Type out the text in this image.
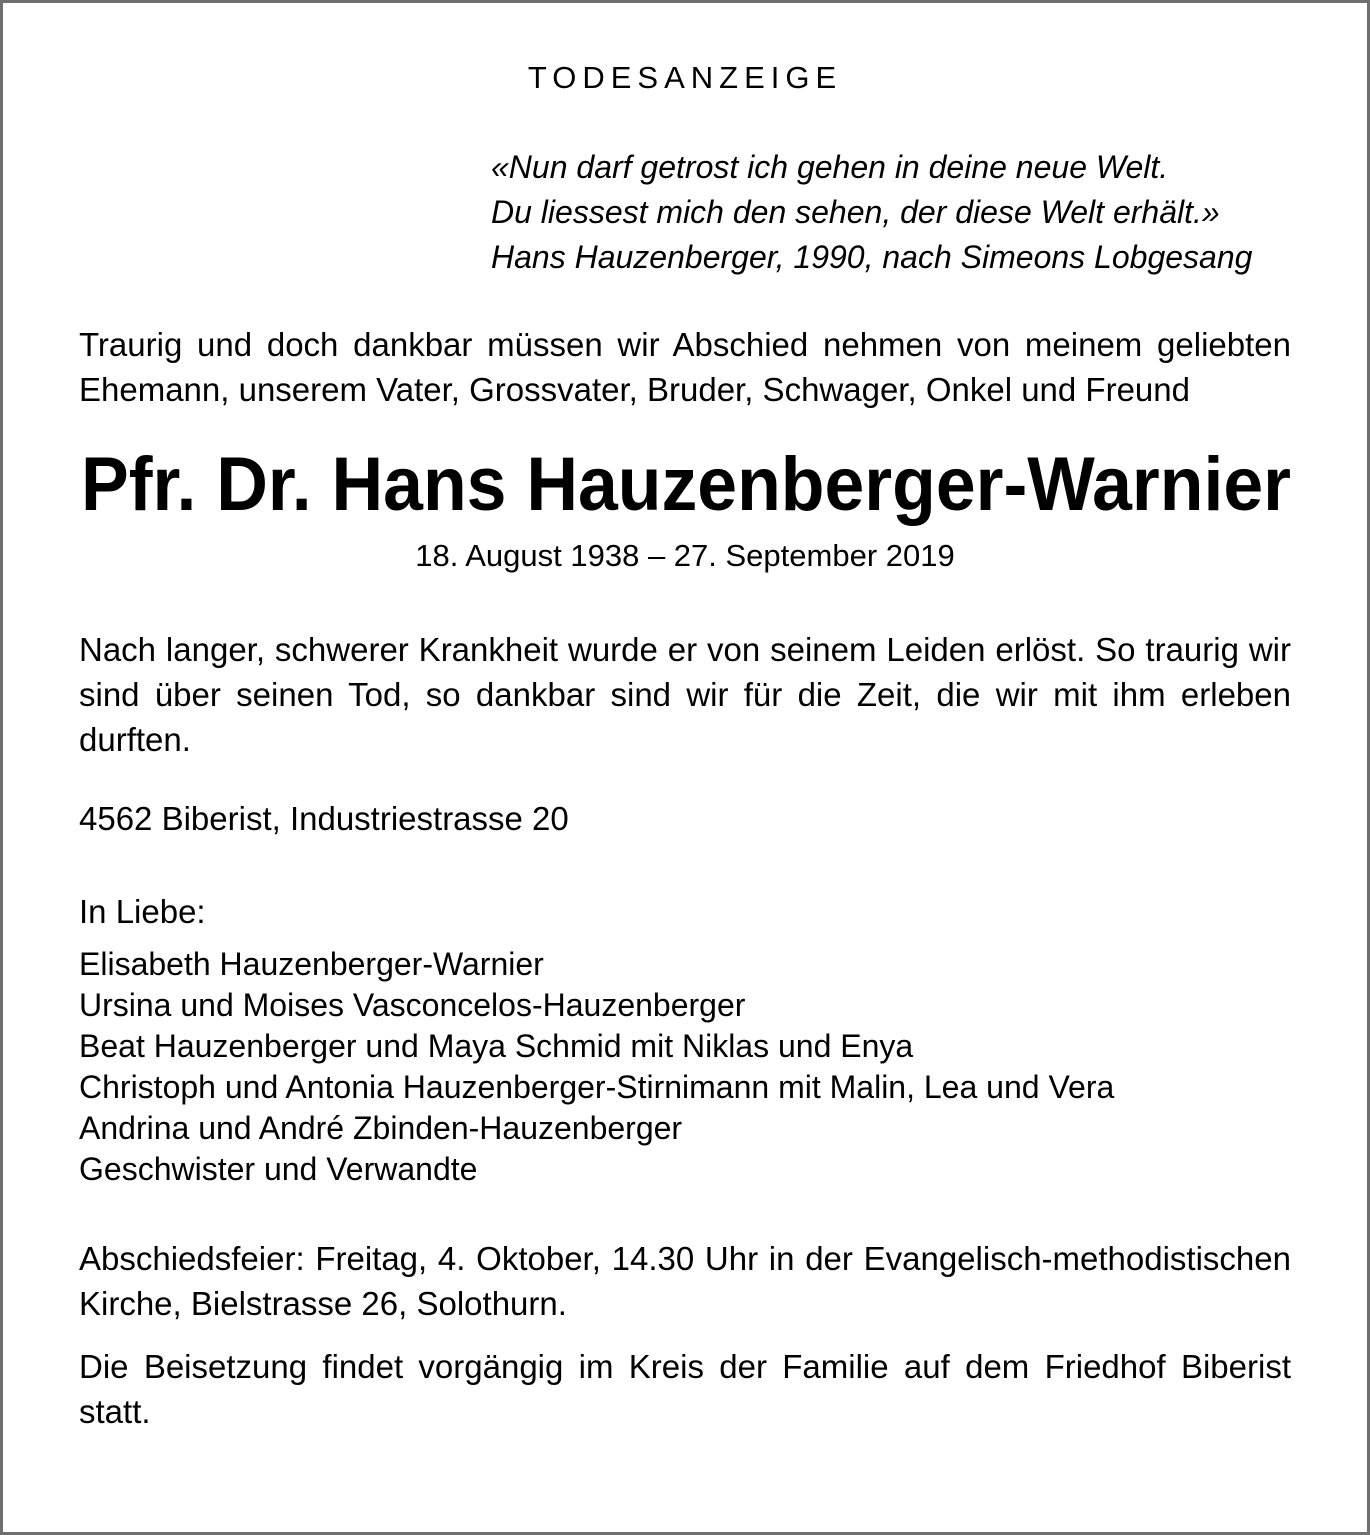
TODESANZEIGE
«Nun darf getrost ich gehen in deine neue Welt.
Du liessest mich den sehen, der diese Welt erhält.»
Hans Hauzenberger, 1990, nach Simeons Lobgesang

Traurig und doch dankbar müssen wir Abschied nehmen von meinem geliebten Ehemann, unserem Vater, Grossvater, Bruder, Schwager, Onkel und Freund

Pfr. Dr. Hans Hauzenberger-Warnier
18. August 1938 – 27. September 2019

Nach langer, schwerer Krankheit wurde er von seinem Leiden erlöst. So traurig wir sind über seinen Tod, so dankbar sind wir für die Zeit, die wir mit ihm erleben durften.

4562 Biberist, Industriestrasse 20

In Liebe:

Elisabeth Hauzenberger-Warnier
Ursina und Moises Vasconcelos-Hauzenberger
Beat Hauzenberger und Maya Schmid mit Niklas und Enya
Christoph und Antonia Hauzenberger-Stirnimann mit Malin, Lea und Vera
Andrina und André Zbinden-Hauzenberger
Geschwister und Verwandte

Abschiedsfeier: Freitag, 4. Oktober, 14.30 Uhr in der Evangelisch-methodistischen Kirche, Bielstrasse 26, Solothurn.

Die Beisetzung findet vorgängig im Kreis der Familie auf dem Friedhof Biberist statt.
